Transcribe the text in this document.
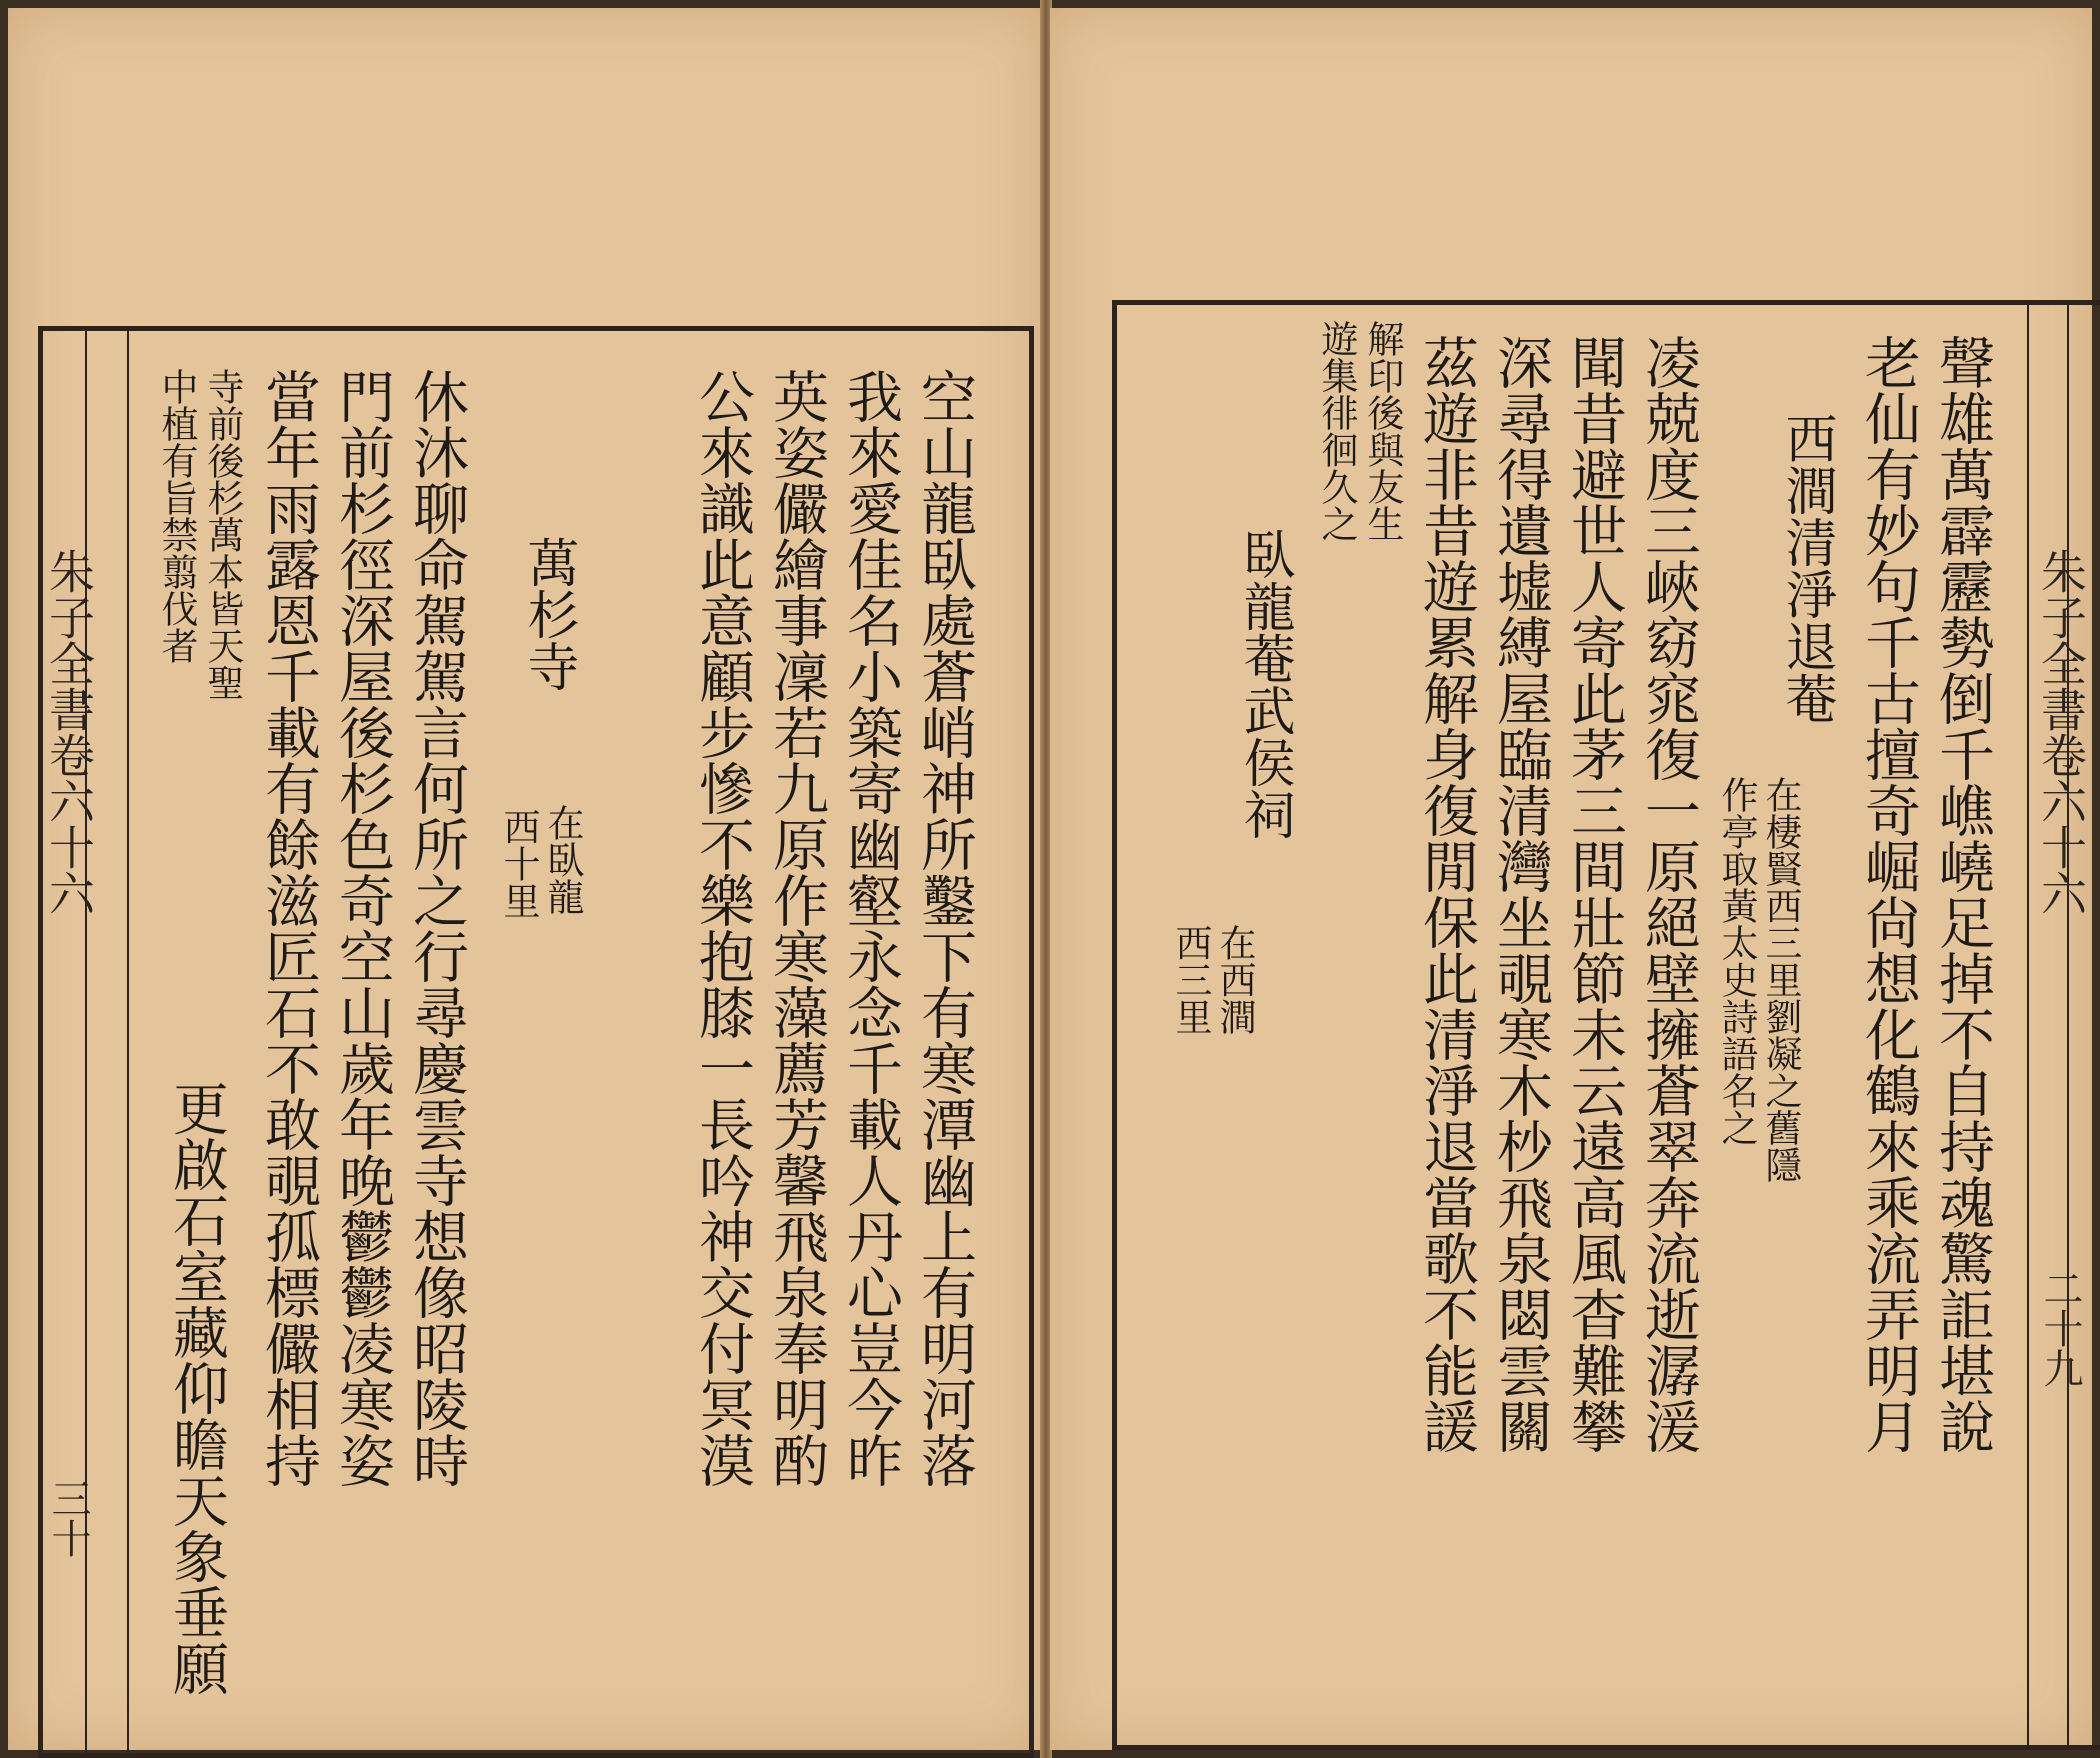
朱子全書卷六十六
三十
空山龍臥處蒼峭神所鑿下有寒潭幽上有明河落
我來愛佳名小築寄幽壑永念千載人丹心豈今昨
英姿儼繪事凜若九原作寒藻薦芳馨飛泉奉明酌
公來識此意顧步慘不樂抱膝一長吟神交付冥漠
萬杉寺
在臥龍
西十里
休沐聊命駕駕言何所之行尋慶雲寺想像昭陵時
門前杉徑深屋後杉色奇空山歲年晚鬱鬱凌寒姿
當年雨露恩千載有餘滋匠石不敢覗孤標儼相持
寺前後杉萬本皆天聖
中植有旨禁翦伐者
更啟石室藏仰瞻天象垂願
朱子全書卷六十六
二十九
聲雄萬霹靂勢倒千嶕嶢足掉不自持魂驚詎堪說
老仙有妙句千古擅奇崛尙想化鶴來乘流弄明月
西澗清淨退菴
在棲賢西三里劉凝之舊隱
作亭取黃太史詩語名之
凌兢度三峽窈窕復一原絕壁擁蒼翠奔流逝潺湲
聞昔避世人寄此茅三間壯節未云遠高風杳難攀
深尋得遺墟縛屋臨清灣坐覗寒木杪飛泉閟雲關
茲遊非昔遊累解身復閒保此清淨退當歌不能諼
解印後與友生
遊集徘徊久之
臥龍菴武侯祠
在西澗
西三里
